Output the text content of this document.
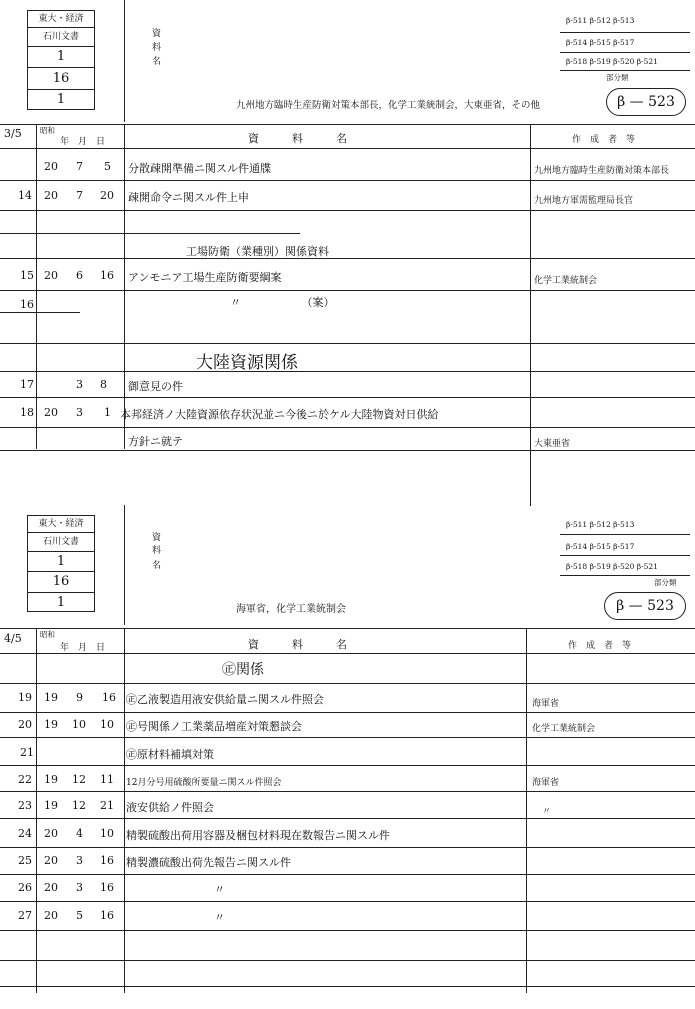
東大・経済
石川文書
1
16
1
資
料
名
β-511 β-512 β-513
β-514 β-515 β-517
β-518 β-519 β-520 β-521
部分類
β — 523
九州地方臨時生産防衛対策本部長，化学工業統制会，大東亜省，その他
3/5 昭和
年　月　日	資　　　料　　　名	作　成　者　等
20 7 5 分散疎開準備ニ関スル件通牒	九州地方臨時生産防衛対策本部長
14 20 7 20 疎開命令ニ関スル件上申	九州地方軍需監理局長官
工場防衛（業種別）関係資料
15 20 6 16 アンモニア工場生産防衛要綱案	化学工業統制会
16	〃　　　　　　（案）
大陸資源関係
17	3 8 御意見の件
18 20 3 1 本邦経済ノ大陸資源依存状況並ニ今後ニ於ケル大陸物資対日供給
方針ニ就テ	大東亜省
東大・経済
石川文書
1
16
1
資
料
名
β-511 β-512 β-513
β-514 β-515 β-517
β-518 β-519 β-520 β-521
部分類
β — 523
海軍省，化学工業統制会
4/5 昭和
年　月　日	資　　　料　　　名	作　成　者　等
㊣関係
19 19 9 16 ㊣乙液製造用液安供給量ニ関スル件照会	海軍省
20 19 10 10 ㊣号関係ノ工業薬品増産対策懇談会	化学工業統制会
21	㊣原材料補填対策
22 19 12 11 12月分号用硫酸所要量ニ関スル件照会	海軍省
23 19 12 21 液安供給ノ件照会	〃
24 20 4 10 精製硫酸出荷用容器及梱包材料現在数報告ニ関スル件
25 20 3 16 精製濃硫酸出荷先報告ニ関スル件
26 20 3 16	〃
27 20 5 16	〃
